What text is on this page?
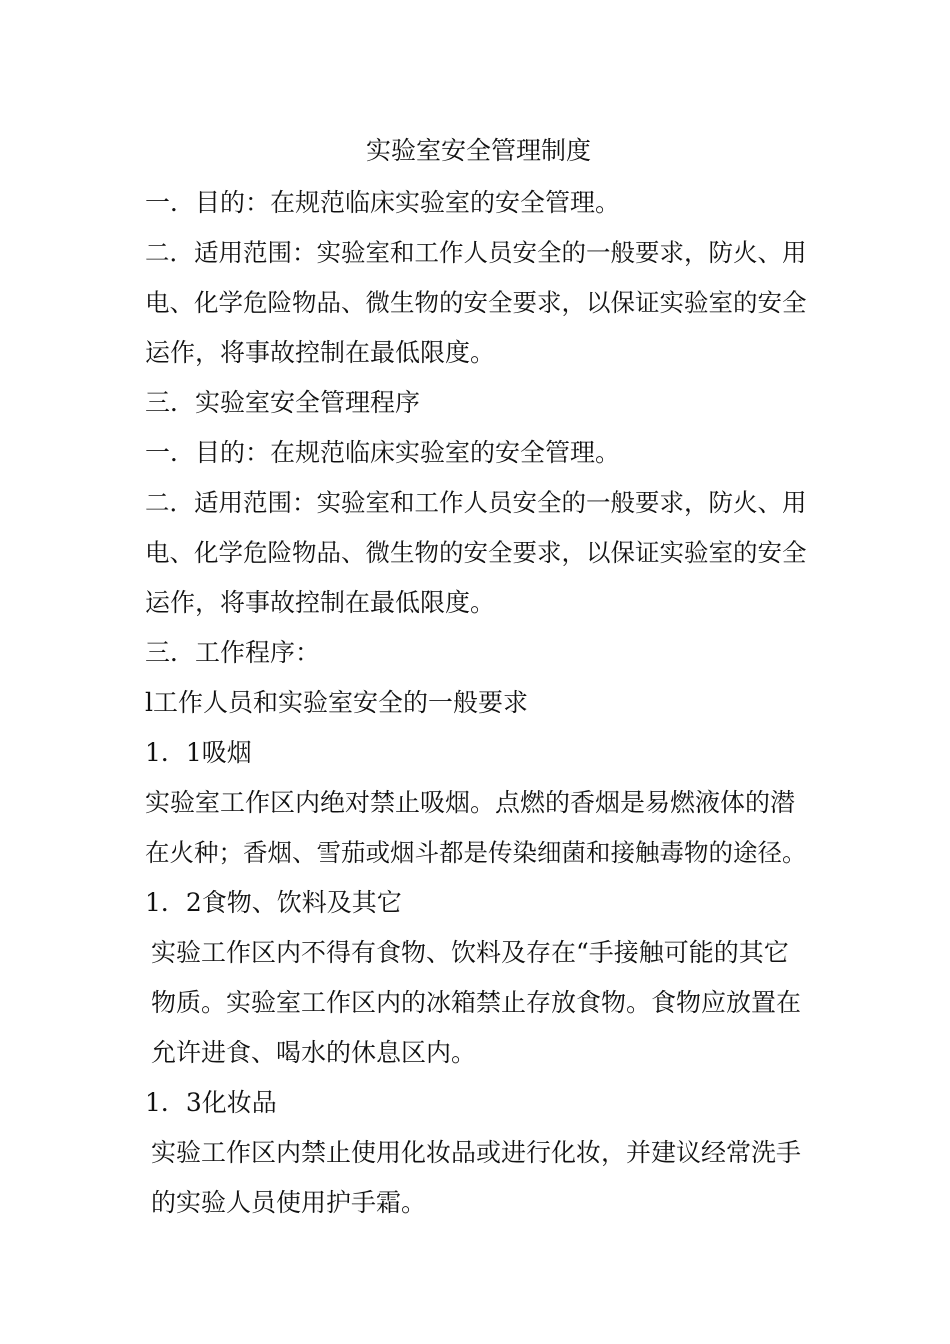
实验室安全管理制度
一．目的：在规范临床实验室的安全管理。
二．适用范围：实验室和工作人员安全的一般要求，防火、用
电、化学危险物品、微生物的安全要求，以保证实验室的安全
运作，将事故控制在最低限度。
三．实验室安全管理程序
一．目的：在规范临床实验室的安全管理。
二．适用范围：实验室和工作人员安全的一般要求，防火、用
电、化学危险物品、微生物的安全要求，以保证实验室的安全
运作，将事故控制在最低限度。
三．工作程序：
l工作人员和实验室安全的一般要求
1．1吸烟
实验室工作区内绝对禁止吸烟。点燃的香烟是易燃液体的潜
在火种；香烟、雪茄或烟斗都是传染细菌和接触毒物的途径。
1．2食物、饮料及其它
实验工作区内不得有食物、饮料及存在“手接触可能的其它
物质。实验室工作区内的冰箱禁止存放食物。食物应放置在
允许进食、喝水的休息区内。
1．3化妆品
实验工作区内禁止使用化妆品或进行化妆，并建议经常洗手
的实验人员使用护手霜。
